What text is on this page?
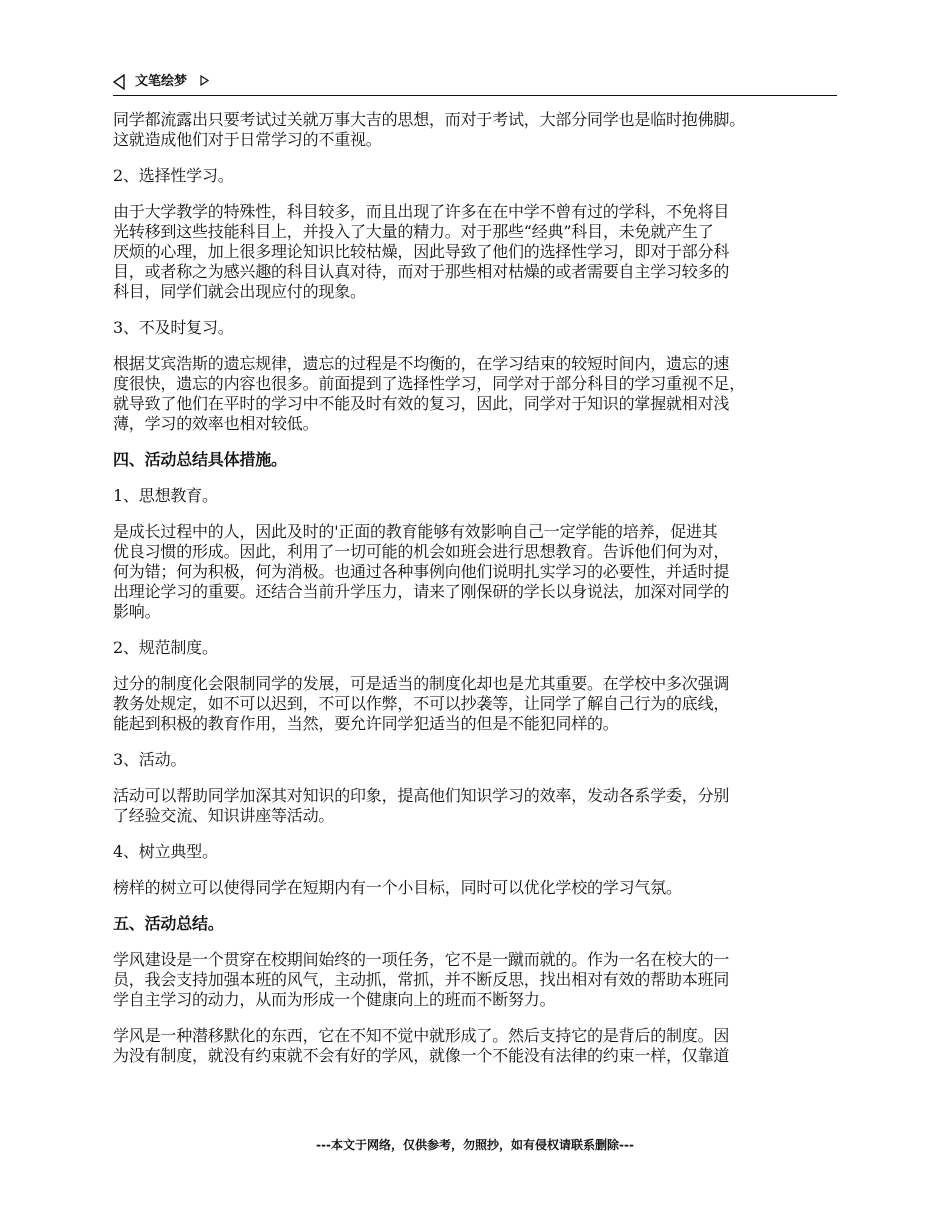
文笔绘梦
同学都流露出只要考试过关就万事大吉的思想，而对于考试，大部分同学也是临时抱佛脚。
这就造成他们对于日常学习的不重视。
2、选择性学习。
由于大学教学的特殊性，科目较多，而且出现了许多在在中学不曾有过的学科，不免将目
光转移到这些技能科目上，并投入了大量的精力。对于那些“经典”科目，未免就产生了
厌烦的心理，加上很多理论知识比较枯燥，因此导致了他们的选择性学习，即对于部分科
目，或者称之为感兴趣的科目认真对待，而对于那些相对枯燥的或者需要自主学习较多的
科目，同学们就会出现应付的现象。
3、不及时复习。
根据艾宾浩斯的遗忘规律，遗忘的过程是不均衡的，在学习结束的较短时间内，遗忘的速
度很快，遗忘的内容也很多。前面提到了选择性学习，同学对于部分科目的学习重视不足，
就导致了他们在平时的学习中不能及时有效的复习，因此，同学对于知识的掌握就相对浅
薄，学习的效率也相对较低。
四、活动总结具体措施。
1、思想教育。
是成长过程中的人，因此及时的'正面的教育能够有效影响自己一定学能的培养，促进其
优良习惯的形成。因此，利用了一切可能的机会如班会进行思想教育。告诉他们何为对，
何为错；何为积极，何为消极。也通过各种事例向他们说明扎实学习的必要性，并适时提
出理论学习的重要。还结合当前升学压力，请来了刚保研的学长以身说法，加深对同学的
影响。
2、规范制度。
过分的制度化会限制同学的发展，可是适当的制度化却也是尤其重要。在学校中多次强调
教务处规定，如不可以迟到，不可以作弊，不可以抄袭等，让同学了解自己行为的底线，
能起到积极的教育作用，当然，要允许同学犯适当的但是不能犯同样的。
3、活动。
活动可以帮助同学加深其对知识的印象，提高他们知识学习的效率，发动各系学委，分别
了经验交流、知识讲座等活动。
4、树立典型。
榜样的树立可以使得同学在短期内有一个小目标，同时可以优化学校的学习气氛。
五、活动总结。
学风建设是一个贯穿在校期间始终的一项任务，它不是一蹴而就的。作为一名在校大的一
员，我会支持加强本班的风气，主动抓，常抓，并不断反思，找出相对有效的帮助本班同
学自主学习的动力，从而为形成一个健康向上的班而不断努力。
学风是一种潜移默化的东西，它在不知不觉中就形成了。然后支持它的是背后的制度。因
为没有制度，就没有约束就不会有好的学风，就像一个不能没有法律的约束一样，仅靠道
---本文于网络，仅供参考，勿照抄，如有侵权请联系删除---
